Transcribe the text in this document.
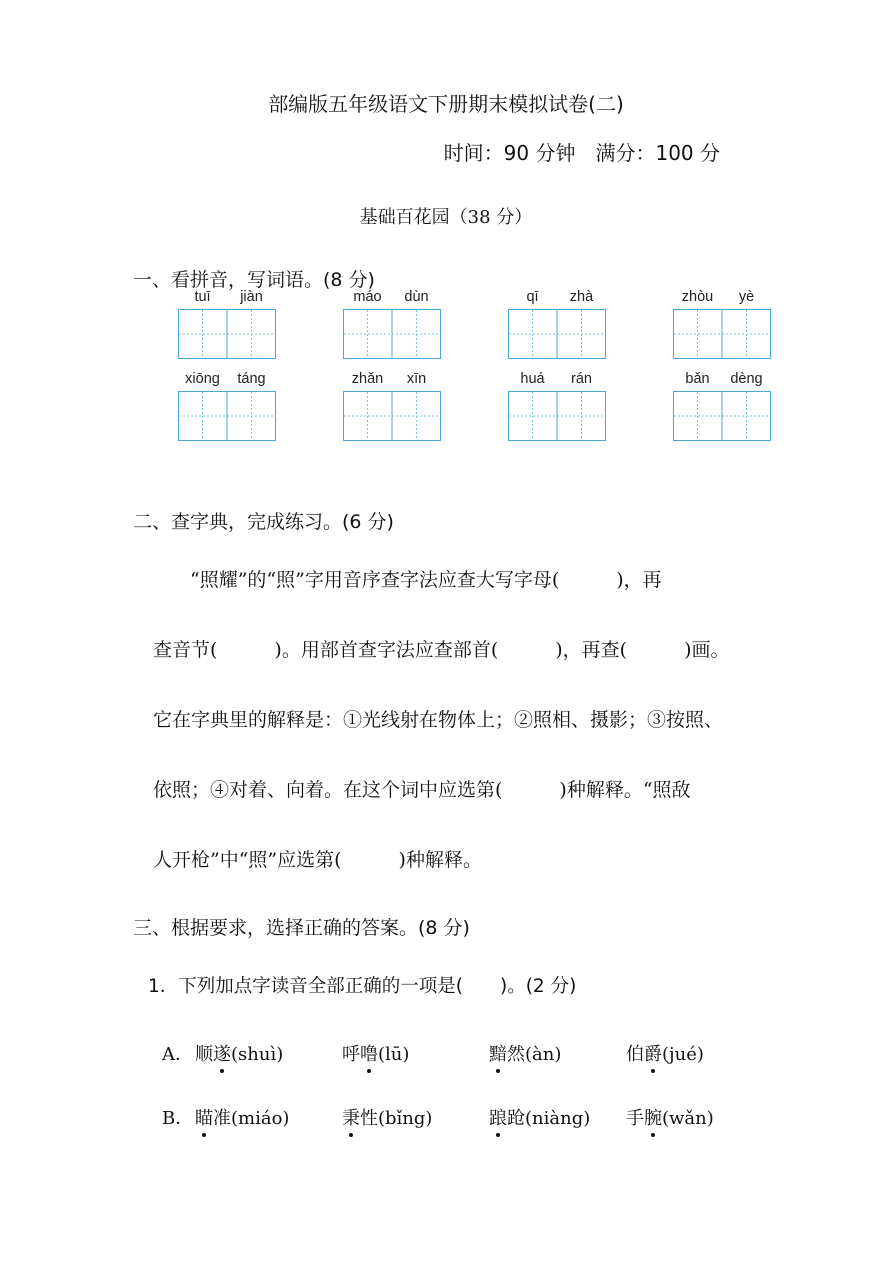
部编版五年级语文下册期末模拟试卷(二)
时间：90 分钟　 满分：100 分
基础百花园（38 分）
一、看拼音，写词语。(8 分)
tuī	jiàn	máo	dùn	qī	zhà	zhòu	yè
xiōng	táng	zhǎn	xīn	huá	rán	bǎn	dèng
二、查字典，完成练习。(6 分)
“照耀”的“照”字用音序查字法应查大写字母(　　　)，再
查音节(　　　)。用部首查字法应查部首(　　　)，再查(　　　)画。
它在字典里的解释是：①光线射在物体上；②照相、摄影；③按照、
依照；④对着、向着。在这个词中应选第(　　　)种解释。“照敌
人开枪”中“照”应选第(　　　)种解释。
三、根据要求，选择正确的答案。(8 分)
1．下列加点字读音全部正确的一项是(　　)。(2 分)
A． 顺遂(shuì)	呼噜(lū)	黯然(àn)	伯爵(jué)
B． 瞄准(miáo)	秉性(bǐng)	踉跄(niàng) 手腕(wǎn)
